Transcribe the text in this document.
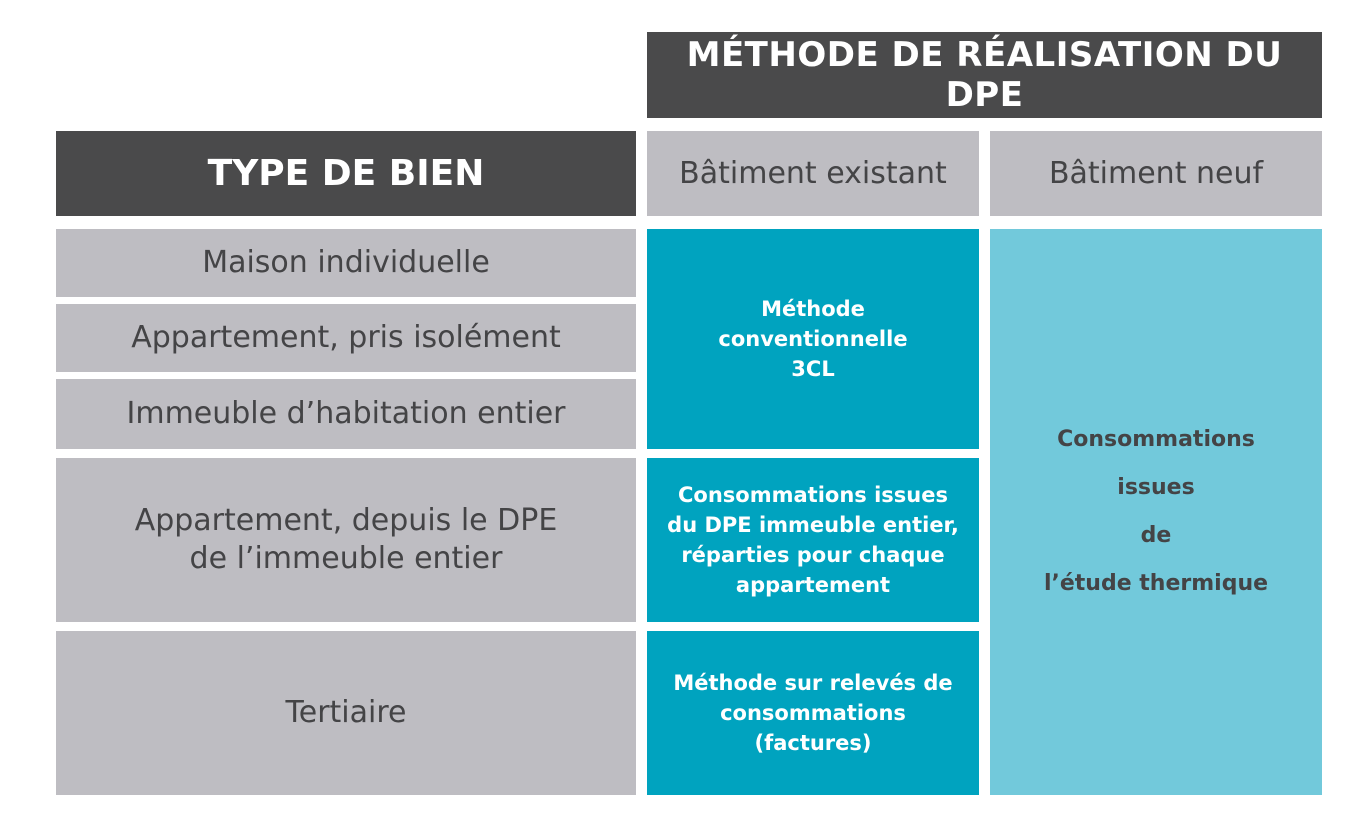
MÉTHODE DE RÉALISATION DU DPE
TYPE DE BIEN	Bâtiment existant	Bâtiment neuf
Maison individuelle
Appartement, pris isolément
Immeuble d’habitation entier
Appartement, depuis le DPE
de l’immeuble entier
Tertiaire
Méthode
conventionnelle
3CL
Consommations issues
du DPE immeuble entier,
réparties pour chaque
appartement
Méthode sur relevés de
consommations (factures)
Consommations
issues
de
l’étude thermique
